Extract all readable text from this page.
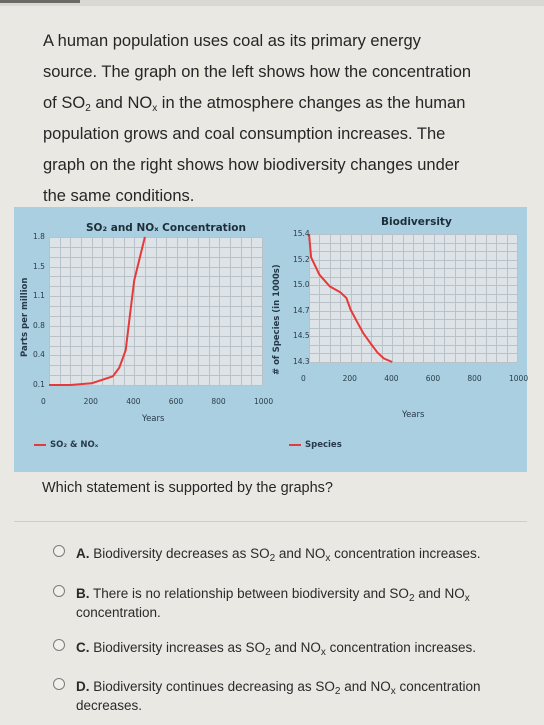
A human population uses coal as its primary energy
source. The graph on the left shows how the concentration
of $SO_2$ and $NO_x$ in the atmosphere changes as the human
population grows and coal consumption increases. The
graph on the right shows how biodiversity changes under
the same conditions.
SO₂ and NOₓ Concentration
Parts per million
Years
SO₂ & NOₓ
Biodiversity
# of Species (in 1000s)
Years
Species
0	200	400	600	800	1000
0.1
0.4
0.8
1.1
1.5
1.8
0	200	400	600	800	1000
14.3
14.5
14.7
15.0
15.2
15.4
Which statement is supported by the graphs?
A. Biodiversity decreases as $SO_2$ and $NO_x$ concentration increases.
B. There is no relationship between biodiversity and $SO_2$ and $NO_x$ concentration.
C. Biodiversity increases as $SO_2$ and $NO_x$ concentration increases.
D. Biodiversity continues decreasing as $SO_2$ and $NO_x$ concentration decreases.
